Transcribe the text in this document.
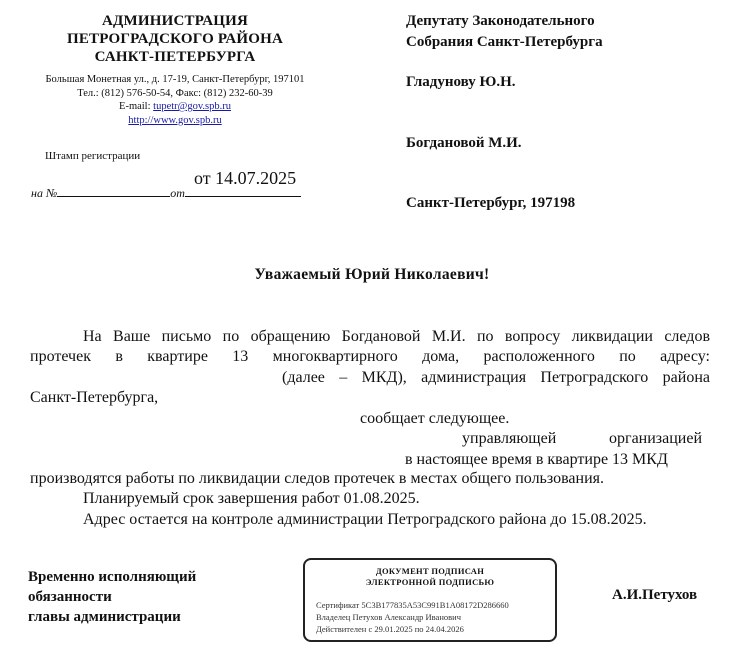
АДМИНИСТРАЦИЯ
ПЕТРОГРАДСКОГО РАЙОНА
САНКТ-ПЕТЕРБУРГА
Большая Монетная ул., д. 17-19, Санкт-Петербург, 197101
Тел.: (812) 576-50-54, Факс: (812) 232-60-39
E-mail: tupetr@gov.spb.ru
http://www.gov.spb.ru
Штамп регистрации
от 14.07.2025
на №	от
Депутату Законодательного
Собрания Санкт-Петербурга
Гладунову Ю.Н.
Богдановой М.И.
Санкт-Петербург, 197198
Уважаемый Юрий Николаевич!
На Ваше письмо по обращению Богдановой М.И. по вопросу ликвидации следов
протечек в квартире 13 многоквартирного дома, расположенного по адресу:
(далее – МКД), администрация Петроградского района
Санкт-Петербурга,
сообщает следующее.
управляющей	организацией
в настоящее время в квартире 13 МКД
производятся работы по ликвидации следов протечек в местах общего пользования.
Планируемый срок завершения работ 01.08.2025.
Адрес остается на контроле администрации Петроградского района до 15.08.2025.
Временно исполняющий
обязанности
главы администрации
ДОКУМЕНТ ПОДПИСАН
ЭЛЕКТРОННОЙ ПОДПИСЬЮ
Сертификат 5C3B177835A53C991B1A08172D286660
Владелец Петухов Александр Иванович
Действителен с 29.01.2025 по 24.04.2026
А.И.Петухов
